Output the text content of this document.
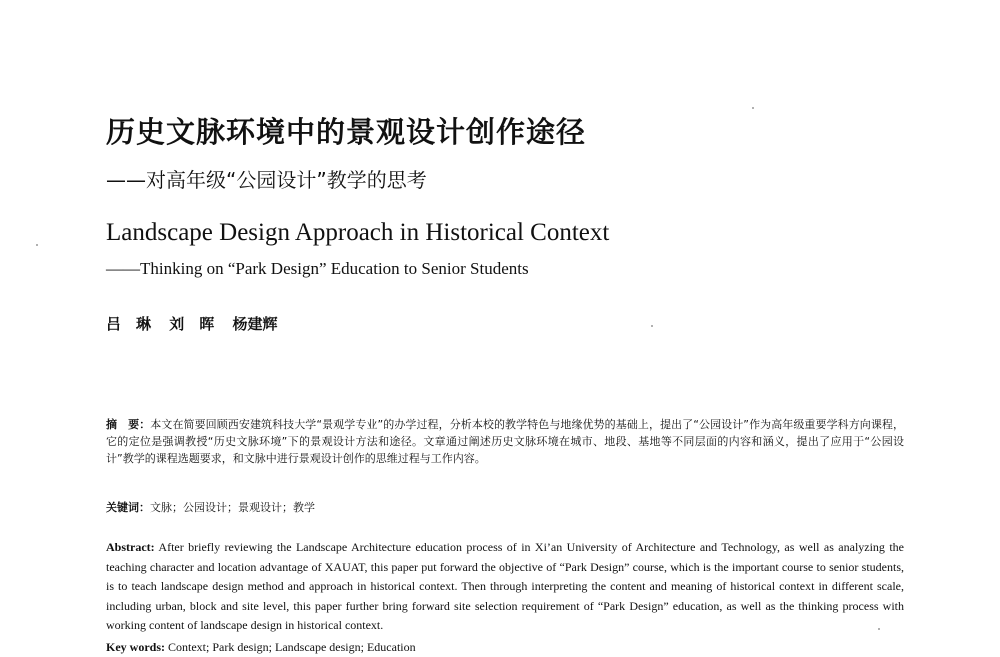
历史文脉环境中的景观设计创作途径
——对高年级“公园设计”教学的思考
Landscape Design Approach in Historical Context
——Thinking on “Park Design” Education to Senior Students
吕　琳 刘　晖 杨建辉
摘　要：本文在简要回顾西安建筑科技大学“景观学专业”的办学过程，分析本校的教学特色与地缘优势的基础上，提出了“公园设计”作为高年级重要学科方向课程，它的定位是强调教授“历史文脉环境”下的景观设计方法和途径。文章通过阐述历史文脉环境在城市、地段、基地等不同层面的内容和涵义，提出了应用于“公园设计”教学的课程选题要求，和文脉中进行景观设计创作的思维过程与工作内容。
关键词：文脉；公园设计；景观设计；教学
Abstract: After briefly reviewing the Landscape Architecture education process of in Xi’an University of Architecture and Technology, as well as analyzing the teaching character and location advantage of XAUAT, this paper put forward the objective of “Park Design” course, which is the important course to senior students, is to teach landscape design method and approach in historical context. Then through interpreting the content and meaning of historical context in different scale, including urban, block and site level, this paper further bring forward site selection requirement of “Park Design” education, as well as the thinking process with working content of landscape design in historical context.
Key words: Context; Park design; Landscape design; Education
